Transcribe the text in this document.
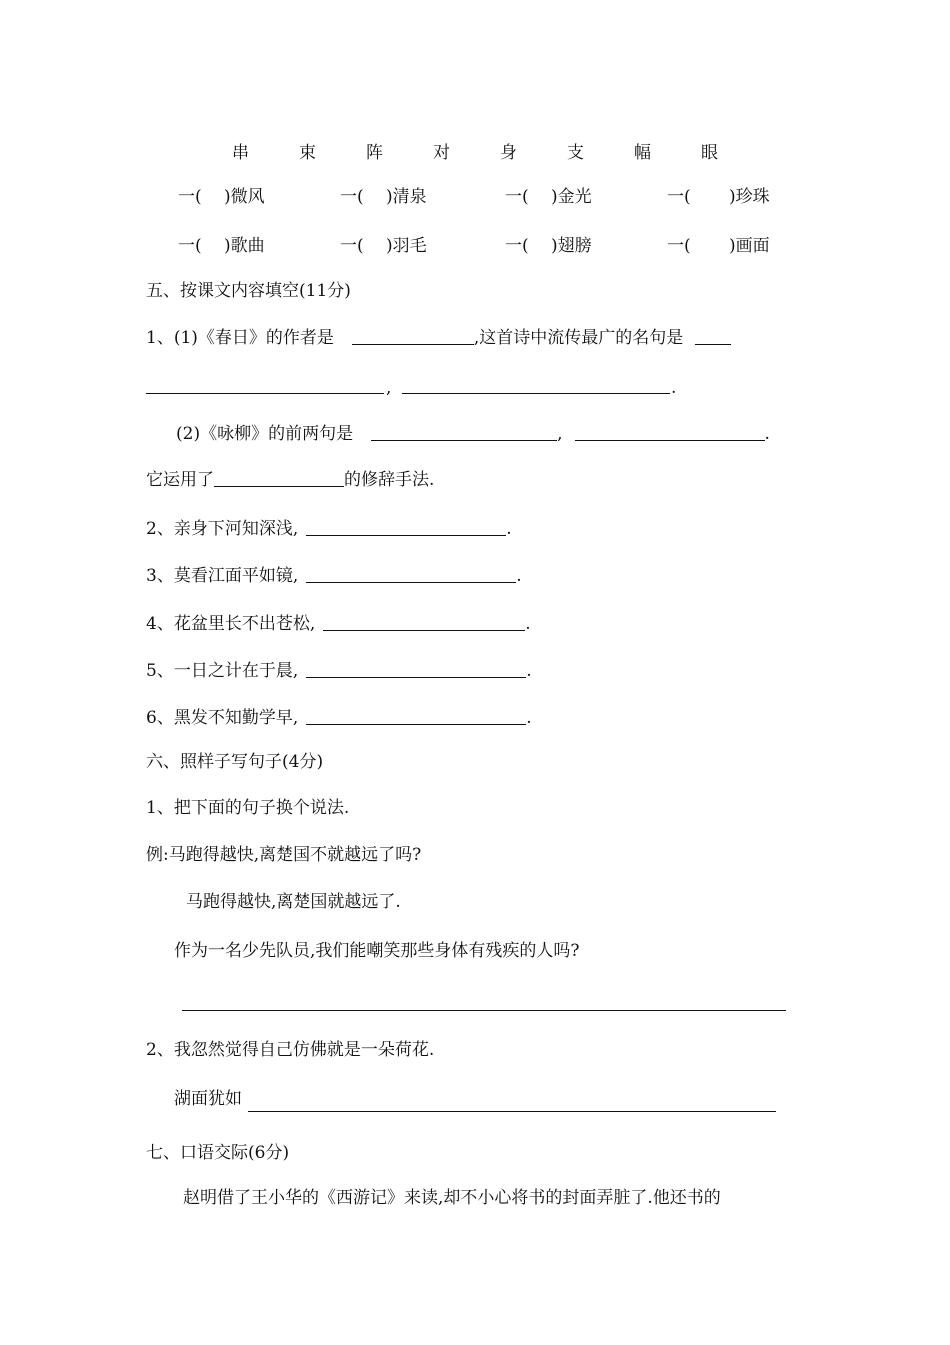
串	束	阵	对	身	支	幅	眼
一( )微风	一( )清泉	一( )金光	一( )珍珠
一( )歌曲	一( )羽毛	一( )翅膀	一( )画面
五、按课文内容填空(11分)
1、(1)《春日》的作者是	,这首诗中流传最广的名句是
,	.
(2)《咏柳》的前两句是	,	.
它运用了	的修辞手法.
2、亲身下河知深浅,	.
3、莫看江面平如镜,	.
4、花盆里长不出苍松,	.
5、一日之计在于晨,	.
6、黑发不知勤学早,	.
六、照样子写句子(4分)
1、把下面的句子换个说法.
例:马跑得越快,离楚国不就越远了吗?
马跑得越快,离楚国就越远了.
作为一名少先队员,我们能嘲笑那些身体有残疾的人吗?
2、我忽然觉得自己仿佛就是一朵荷花.
湖面犹如
七、口语交际(6分)
赵明借了王小华的《西游记》来读,却不小心将书的封面弄脏了.他还书的
